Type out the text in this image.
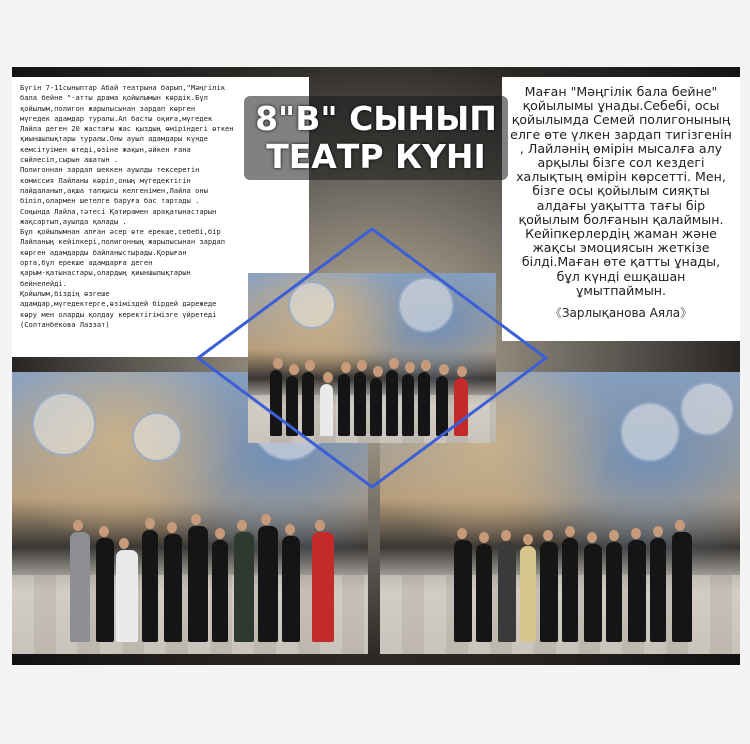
Бүгін 7-11сыныптар Абай театрына барып,"Мәңгілік
бала бейне "-атты драма қойылымын көрдік.Бұл
қойылым,полигон жарылысынан зардап көрген
мүгедек адамдар туралы.Ал басты оқиға,мүгедек
Лайла деген 20 жастағы жас қыздың өміріндегі өткен
қиыншылықтары туралы.Оны ауыл адамдары күнде
кемсітуімен өтеді,өзіне жақын,әйкен ғана
сөйлесіп,сырын ашатын .
Полигоннан зардап шеккен ауылды тексеретін
комиссия Лайланы көріп,оның мүгедектігін
пайдаланып,ақша тапқысы келгенімен,Лайла оны
біліп,олармен шетелге баруға бас тартады .
Соңында Лайла,тәтесі Қатирамен арақатынастарын
жақсартып,ауылда қалады .
Бұл қойылымнан алған әсер өте ерекше,себебі,бір
Лайланың кейіпкері,полигонның жарылысынан зардап
көрген адамдарды байланыстырады.Қорыған
орта,бұл ерекше адамдарға деген
қарым-қатынастары,олардың қиыншылықтарын
бейнелейді.
Қойылым,біздің өзгеше
адамдар,мүгедектерге,өзіміздей бірдей дәрежеде
көру мен оларды қолдау керектігімізге үйретеді
(Солтанбекова Лаззат)
Маған "Мәңгілік бала бейне" қойылымы ұнады.Себебі, осы қойылымда Семей полигонының елге өте үлкен зардап тигізгенін , Лайләнің өмірін мысалға алу арқылы бізге сол кездегі халықтың өмірін көрсетті. Мен, бізге осы қойылым сияқты алдағы уақытта тағы бір қойылым болғанын қалаймын. Кейіпкерлердің жаман және жақсы эмоциясын жеткізе білді.Маған өте қатты ұнады, бұл күнді ешқашан ұмытпаймын.
《Зарлықанова Аяла》
8"В" СЫНЫП
ТЕАТР КҮНІ
